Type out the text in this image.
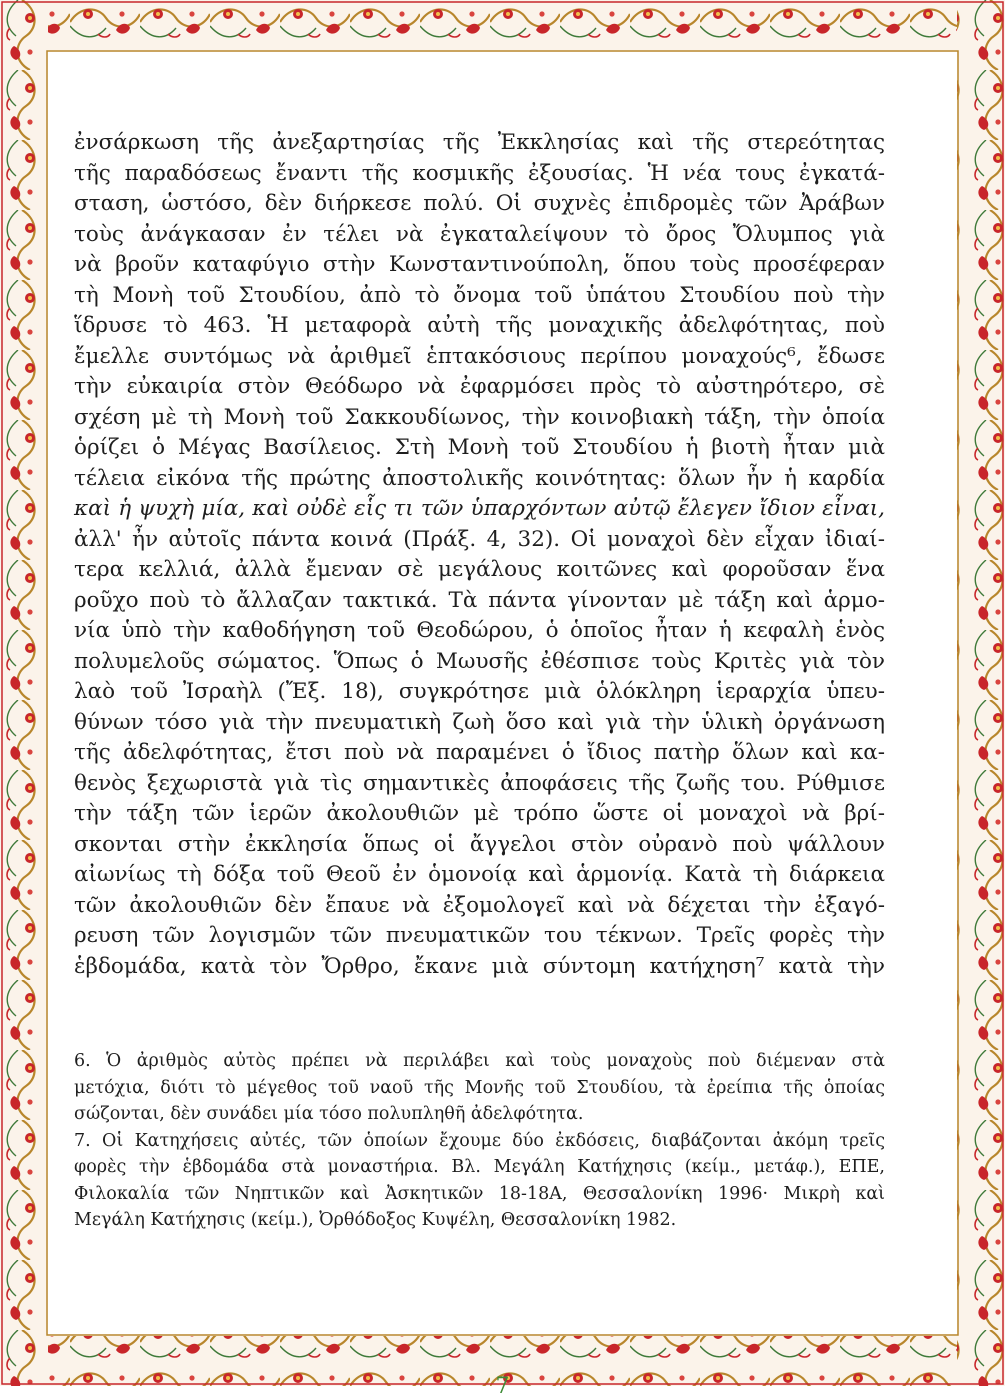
ἐνσάρκωση τῆς ἀνεξαρτησίας τῆς Ἐκκλησίας καὶ τῆς στερεότητας
τῆς παραδόσεως ἔναντι τῆς κοσμικῆς ἐξουσίας. Ἡ νέα τους ἐγκατά-
σταση, ὡστόσο, δὲν διήρκεσε πολύ. Οἱ συχνὲς ἐπιδρομὲς τῶν Ἀράβων
τοὺς ἀνάγκασαν ἐν τέλει νὰ ἐγκαταλείψουν τὸ ὄρος Ὄλυμπος γιὰ
νὰ βροῦν καταφύγιο στὴν Κωνσταντινούπολη, ὅπου τοὺς προσέφεραν
τὴ Μονὴ τοῦ Στουδίου, ἀπὸ τὸ ὄνομα τοῦ ὑπάτου Στουδίου ποὺ τὴν
ἵδρυσε τὸ 463. Ἡ μεταφορὰ αὐτὴ τῆς μοναχικῆς ἀδελφότητας, ποὺ
ἔμελλε συντόμως νὰ ἀριθμεῖ ἑπτακόσιους περίπου μοναχούς⁶, ἔδωσε
τὴν εὐκαιρία στὸν Θεόδωρο νὰ ἐφαρμόσει πρὸς τὸ αὐστηρότερο, σὲ
σχέση μὲ τὴ Μονὴ τοῦ Σακκουδίωνος, τὴν κοινοβιακὴ τάξη, τὴν ὁποία
ὁρίζει ὁ Μέγας Βασίλειος. Στὴ Μονὴ τοῦ Στουδίου ἡ βιοτὴ ἦταν μιὰ
τέλεια εἰκόνα τῆς πρώτης ἀποστολικῆς κοινότητας: ὅλων ἦν ἡ καρδία
καὶ ἡ ψυχὴ μία, καὶ οὐδὲ εἷς τι τῶν ὑπαρχόντων αὐτῷ ἔλεγεν ἴδιον εἶναι,
ἀλλ' ἦν αὐτοῖς πάντα κοινά (Πράξ. 4, 32). Οἱ μοναχοὶ δὲν εἶχαν ἰδιαί-
τερα κελλιά, ἀλλὰ ἔμεναν σὲ μεγάλους κοιτῶνες καὶ φοροῦσαν ἕνα
ροῦχο ποὺ τὸ ἄλλαζαν τακτικά. Τὰ πάντα γίνονταν μὲ τάξη καὶ ἁρμο-
νία ὑπὸ τὴν καθοδήγηση τοῦ Θεοδώρου, ὁ ὁποῖος ἦταν ἡ κεφαλὴ ἑνὸς
πολυμελοῦς σώματος. Ὅπως ὁ Μωυσῆς ἐθέσπισε τοὺς Κριτὲς γιὰ τὸν
λαὸ τοῦ Ἰσραὴλ (Ἔξ. 18), συγκρότησε μιὰ ὁλόκληρη ἱεραρχία ὑπευ-
θύνων τόσο γιὰ τὴν πνευματικὴ ζωὴ ὅσο καὶ γιὰ τὴν ὑλικὴ ὀργάνωση
τῆς ἀδελφότητας, ἔτσι ποὺ νὰ παραμένει ὁ ἴδιος πατὴρ ὅλων καὶ κα-
θενὸς ξεχωριστὰ γιὰ τὶς σημαντικὲς ἀποφάσεις τῆς ζωῆς του. Ρύθμισε
τὴν τάξη τῶν ἱερῶν ἀκολουθιῶν μὲ τρόπο ὥστε οἱ μοναχοὶ νὰ βρί-
σκονται στὴν ἐκκλησία ὅπως οἱ ἄγγελοι στὸν οὐρανὸ ποὺ ψάλλουν
αἰωνίως τὴ δόξα τοῦ Θεοῦ ἐν ὁμονοίᾳ καὶ ἁρμονίᾳ. Κατὰ τὴ διάρκεια
τῶν ἀκολουθιῶν δὲν ἔπαυε νὰ ἐξομολογεῖ καὶ νὰ δέχεται τὴν ἐξαγό-
ρευση τῶν λογισμῶν τῶν πνευματικῶν του τέκνων. Τρεῖς φορὲς τὴν
ἑβδομάδα, κατὰ τὸν Ὄρθρο, ἔκανε μιὰ σύντομη κατήχηση⁷ κατὰ τὴν
6. Ὁ ἀριθμὸς αὐτὸς πρέπει νὰ περιλάβει καὶ τοὺς μοναχοὺς ποὺ διέμεναν στὰ
μετόχια, διότι τὸ μέγεθος τοῦ ναοῦ τῆς Μονῆς τοῦ Στουδίου, τὰ ἐρείπια τῆς ὁποίας
σώζονται, δὲν συνάδει μία τόσο πολυπληθῆ ἀδελφότητα.
7. Οἱ Κατηχήσεις αὐτές, τῶν ὁποίων ἔχουμε δύο ἐκδόσεις, διαβάζονται ἀκόμη τρεῖς
φορὲς τὴν ἑβδομάδα στὰ μοναστήρια. Βλ. Μεγάλη Κατήχησις (κείμ., μετάφ.), ΕΠΕ,
Φιλοκαλία τῶν Νηπτικῶν καὶ Ἀσκητικῶν 18-18Α, Θεσσαλονίκη 1996· Μικρὴ καὶ
Μεγάλη Κατήχησις (κείμ.), Ὀρθόδοξος Κυψέλη, Θεσσαλονίκη 1982.
7
